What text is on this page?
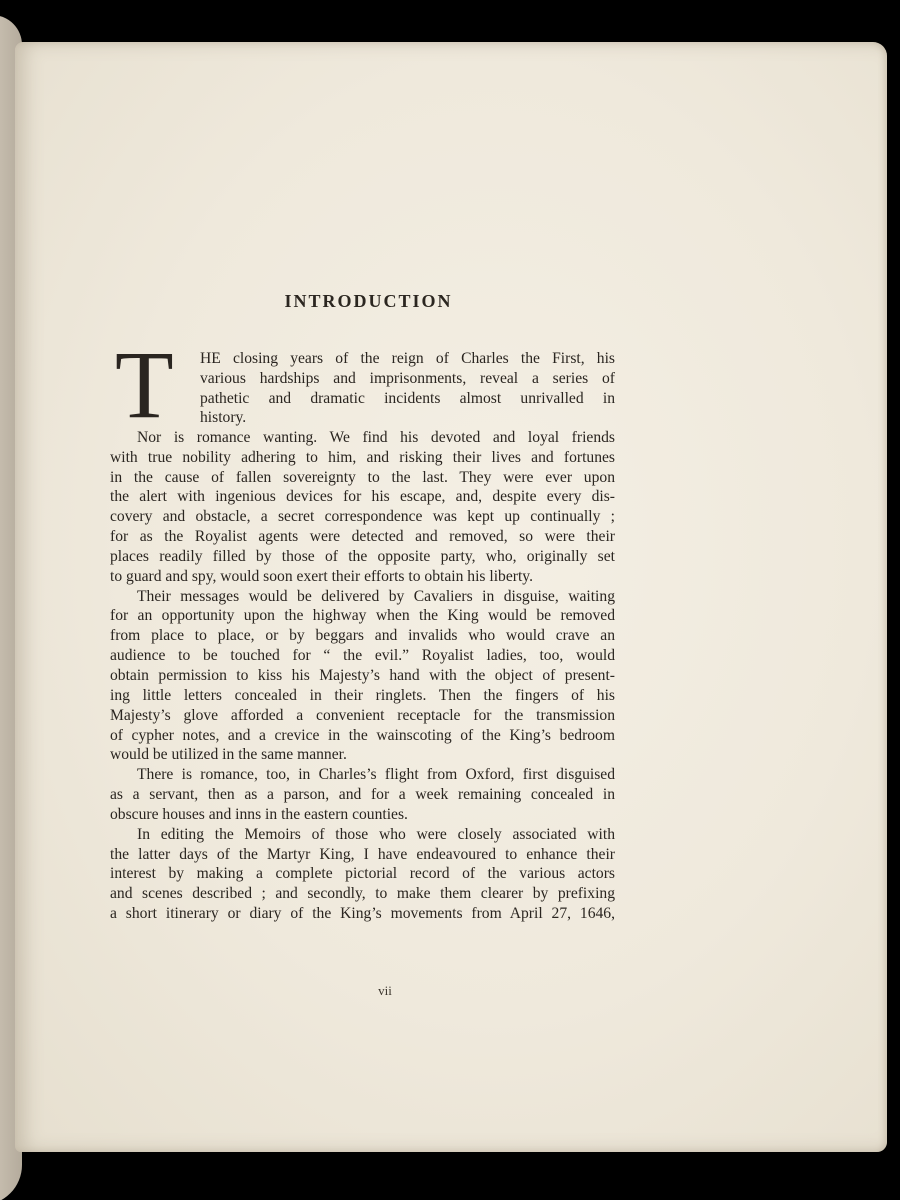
INTRODUCTION
T HE closing years of the reign of Charles the First, his
various hardships and imprisonments, reveal a series of
pathetic and dramatic incidents almost unrivalled in
history.

Nor is romance wanting. We find his devoted and loyal friends
with true nobility adhering to him, and risking their lives and fortunes
in the cause of fallen sovereignty to the last. They were ever upon
the alert with ingenious devices for his escape, and, despite every dis-
covery and obstacle, a secret correspondence was kept up continually ;
for as the Royalist agents were detected and removed, so were their
places readily filled by those of the opposite party, who, originally set
to guard and spy, would soon exert their efforts to obtain his liberty.

Their messages would be delivered by Cavaliers in disguise, waiting
for an opportunity upon the highway when the King would be removed
from place to place, or by beggars and invalids who would crave an
audience to be touched for “ the evil.” Royalist ladies, too, would
obtain permission to kiss his Majesty’s hand with the object of present-
ing little letters concealed in their ringlets. Then the fingers of his
Majesty’s glove afforded a convenient receptacle for the transmission
of cypher notes, and a crevice in the wainscoting of the King’s bedroom
would be utilized in the same manner.

There is romance, too, in Charles’s flight from Oxford, first disguised
as a servant, then as a parson, and for a week remaining concealed in
obscure houses and inns in the eastern counties.

In editing the Memoirs of those who were closely associated with
the latter days of the Martyr King, I have endeavoured to enhance their
interest by making a complete pictorial record of the various actors
and scenes described ; and secondly, to make them clearer by prefixing
a short itinerary or diary of the King’s movements from April 27, 1646,

vii
